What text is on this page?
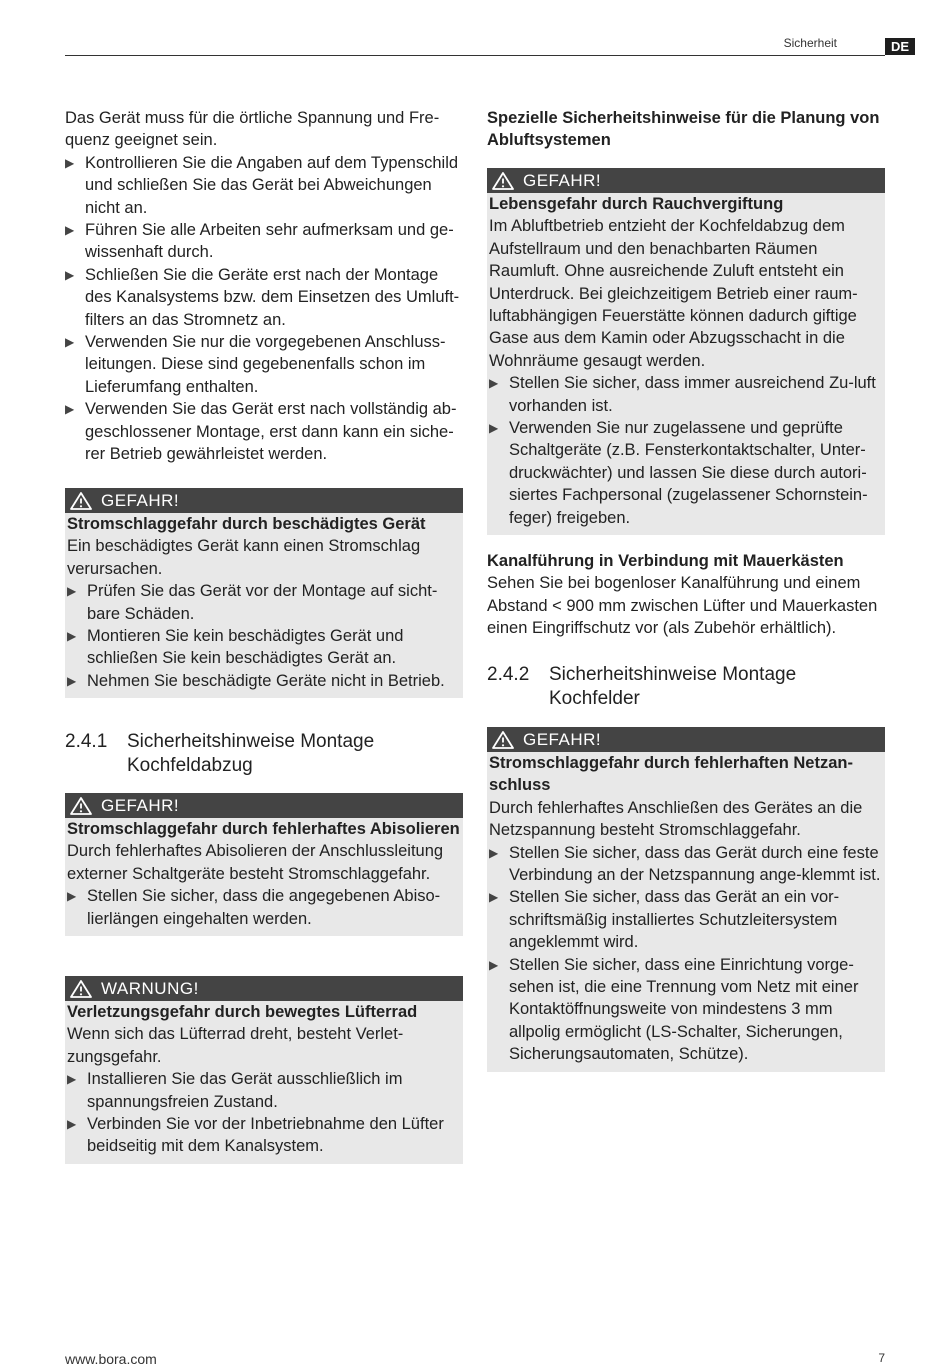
Sicherheit	DE

Das Gerät muss für die örtliche Spannung und Fre-quenz geeignet sein.

▶ Kontrollieren Sie die Angaben auf dem Typenschild und schließen Sie das Gerät bei Abweichungen nicht an.
▶ Führen Sie alle Arbeiten sehr aufmerksam und ge-wissenhaft durch.
▶ Schließen Sie die Geräte erst nach der Montage des Kanalsystems bzw. dem Einsetzen des Umluft-filters an das Stromnetz an.
▶ Verwenden Sie nur die vorgegebenen Anschluss-leitungen. Diese sind gegebenenfalls schon im Lieferumfang enthalten.
▶ Verwenden Sie das Gerät erst nach vollständig ab-geschlossener Montage, erst dann kann ein siche-rer Betrieb gewährleistet werden.
GEFAHR!
Stromschlaggefahr durch beschädigtes Gerät

Ein beschädigtes Gerät kann einen Stromschlag verursachen.

▶ Prüfen Sie das Gerät vor der Montage auf sicht-bare Schäden.
▶ Montieren Sie kein beschädigtes Gerät und schließen Sie kein beschädigtes Gerät an.
▶ Nehmen Sie beschädigte Geräte nicht in Betrieb.
2.4.1	Sicherheitshinweise Montage Kochfeldabzug
GEFAHR!
Stromschlaggefahr durch fehlerhaftes Abisolieren

Durch fehlerhaftes Abisolieren der Anschlussleitung externer Schaltgeräte besteht Stromschlaggefahr.

▶ Stellen Sie sicher, dass die angegebenen Abiso-lierlängen eingehalten werden.
WARNUNG!
Verletzungsgefahr durch bewegtes Lüfterrad

Wenn sich das Lüfterrad dreht, besteht Verlet-zungsgefahr.

▶ Installieren Sie das Gerät ausschließlich im spannungsfreien Zustand.
▶ Verbinden Sie vor der Inbetriebnahme den Lüfter beidseitig mit dem Kanalsystem.
Spezielle Sicherheitshinweise für die Planung von Abluftsystemen
GEFAHR!
Lebensgefahr durch Rauchvergiftung

Im Abluftbetrieb entzieht der Kochfeldabzug dem Aufstellraum und den benachbarten Räumen Raumluft. Ohne ausreichende Zuluft entsteht ein Unterdruck. Bei gleichzeitigem Betrieb einer raum-luftabhängigen Feuerstätte können dadurch giftige Gase aus dem Kamin oder Abzugsschacht in die Wohnräume gesaugt werden.

▶ Stellen Sie sicher, dass immer ausreichend Zu-luft vorhanden ist.
▶ Verwenden Sie nur zugelassene und geprüfte Schaltgeräte (z.B. Fensterkontaktschalter, Unter-druckwächter) und lassen Sie diese durch autori-siertes Fachpersonal (zugelassener Schornstein-feger) freigeben.
Kanalführung in Verbindung mit Mauerkästen

Sehen Sie bei bogenloser Kanalführung und einem Abstand < 900 mm zwischen Lüfter und Mauerkasten einen Eingriffschutz vor (als Zubehör erhältlich).

2.4.2	Sicherheitshinweise Montage Kochfelder
GEFAHR!
Stromschlaggefahr durch fehlerhaften Netzan-schluss

Durch fehlerhaftes Anschließen des Gerätes an die Netzspannung besteht Stromschlaggefahr.

▶ Stellen Sie sicher, dass das Gerät durch eine feste Verbindung an der Netzspannung ange-klemmt ist.
▶ Stellen Sie sicher, dass das Gerät an ein vor-schriftsmäßig installiertes Schutzleitersystem angeklemmt wird.
▶ Stellen Sie sicher, dass eine Einrichtung vorge-sehen ist, die eine Trennung vom Netz mit einer Kontaktöffnungsweite von mindestens 3 mm allpolig ermöglicht (LS-Schalter, Sicherungen, Sicherungsautomaten, Schütze).
www.bora.com	7
